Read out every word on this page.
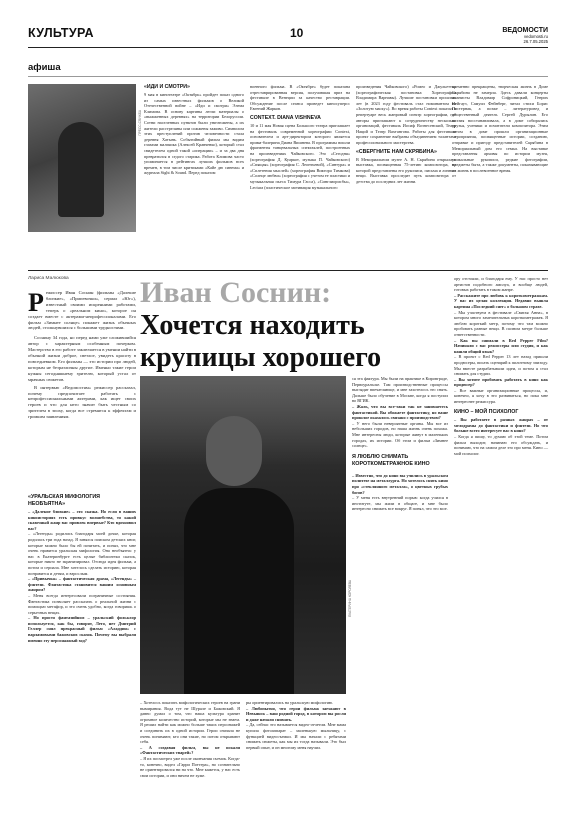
КУЛЬТУРА	10	ВЕДОМОСТИ
vedomosti.ru
26.7.05.2025
афиша
ПРЕСС-СЛУЖБА

«ИДИ И СМОТРИ»

9 мая в кинотеатре «Октябрь» пройдет показ одного из самых известных фильмов о Великой Отечественной войне – «Иди и смотри» Элема Климова. В основу картины легли материалы о «выжженных деревнях» на территории Белоруссии. Сотни населенных пунктов были уничтожены, а их жители расстреляны или сожжены заживо. Символом этих преступлений против человечности стала деревня Хатынь. Событийный фильм мы видим глазами мальчика (Алексей Кравченко), который стал свидетелем одной такой «операции» – и за два дня превратился в седого старика. Работа Климова часто упоминается в рейтингах лучших фильмов всех времен, в том числе критиками «Кайе дю синема» и журнала Sight & Sound. Перед показом

военного фильма. В «Октябре» будет показана отреставрированная версия, получившая приз на фестивале в Венеции за качество реставрации. Обсуждение после сеанса проведет киносуперсс Евгений Жарков.

CONTEXT. DIANA VISHNEVA

10 и 11 мая Новая сцена Большого театра приглашает на фестиваль современной хореографии Context, основателем и арт-директором которого является прима-балерина Диана Вишнева. В программы вошли фрагменты танцевальных спектаклей, построенных на произведениях Чайковского. Это «Сегодня» (хореография Д. Куаркот, музыка П. Чайковского) «Спящая» (хореография С. Леонтьевой), «Синтура» и «Сплетения мыслей» (хореография Виктора Тимкова) «Солнце любви» (хореография с учетом ее пластики и музыкальная пьеса Тимура Гасса), «Синглиорисбы», Lectura (пластическое мотивация музыкального

произведения Чайковского) «Ромео и Джульетта» (хореографическая постановка Хореографии Владимира Варнавы). Лучшие постановки прошлых лет (в 2023 году фестиваль стал номинантом на «Золотую маску»). Во время работы Context показал в репертуаре весь жанровый спектр хореографии, где авторы приглашают к сотрудничеству несколько организаций, фестиваль Иосиф Вознесенский, Театр Наций и Театр Вахтангова. Работы для фестиваля проект сохранение выбраны объединением таланта и профессионального мастерства.

«СВЕРГНИТЕ НАМ СКРЯБИНА»

В Мемориальном музее А. Н. Скрябина открылась выставка, посвященная 75-летию композитора, на которой представлены его рукописи, письма и личные вещи. Выставка проследит путь композитора от детства до последних лет жизни.

временно прекращены, творческая жизнь в Доме Скрябина не замерла. Здесь давали концерты пианисты Владимир Софроницкий, Генрих Нейгауз, Самуил Фейнберг, читал стихи Борис Пастернак, а позже – литературовед и общественный деятель Сергей Дурылин. Его поэзия восстанавливала, а в доме собирались друзья, ученики и почитатели композитора. Этим летом в доме прошли организационные мероприятия, посвященные истории, созданию, отправке и приезду представителей Скрябина в Мемориальный дом его семьи. На выставке представлены архивы по истории музея, уникальные рукописи, редкие фотографии, предметы быта, а также документы, показывающие их жизнь в послевоенное время.

Лариса Малюкова Иван Соснин:
Хочется находить
крупицы хорошего

Режиссер Иван Соснин (фильмы «Далекие близкие», «Припевочки», сериал «Юг»), известный своими искренними работами, теперь о «реальном кино», которое он создает вместе с актерами-непрофессионалами. Его фильм «Зимнее солнце» покажет жизнь обычных людей, столкнувшихся с большими трудностями.

Соснину 34 года, но перед нами уже сложившийся автор с характерным особенным почерком. Мастерство в его работе заключается в умении найти в обычной жизни доброе, светлое, увидеть красоту в повседневном. Его фильмы — это истории про людей, которым не безразличны другие. Именно такие герои нужны сегодняшнему зрителю, который устал от мрачных сюжетов.

В интервью «Ведомостям» режиссер рассказал, почему предпочитает работать с непрофессиональными актерами, как ищет своих героев и что для него значит быть честным со зрителем в эпоху, когда все стремятся к эффектам и громким заявлениям.

«УРАЛЬСКАЯ МИФОЛОГИЯ НЕОБЪЯТНА»

– «Далекие близкие» – это сказка. Но если в ваших киноисториях есть привкус волшебства, то какой сказочный жанр вас привлек впервые? Кто вдохновил вас?

– «Легенды» родились благодаря моей дочке, которая родилась три года назад. Я занялся поиском детских книг, которые можно было бы ей почитать, и понял, что мне очень нравится уральская мифология. Она необъятна: у нас в Екатеринбурге есть целые библиотеки сказок, которые никто не экранизировал. Отсюда идея фильма, а потом и сериала. Мне хотелось сделать историю, которая понравится и детям, и взрослым.

– «Привычка» – фантастическая драма, «Легенды» – фэнтези. Фантастика становится вашим основным жанром?

– Меня всегда интересовали пограничные состояния. Фантастика позволяет рассказать о реальной жизни с помощью метафор, и это очень удобно, когда говоришь о серьезных вещах.

– Но просто фантазийном – уральский фольклор используется, как бы, говорят, Лето, нет Дмитрий Геллер снял прекрасный фильм «Аладдин» с варламовыми бажовских сказок. Почему вы выбрали именно эту персонажный ход?

ЕКАТЕРИНА КОРОЛЕВА

– Хотелось показать мифологических героев на грани вымирания. Вода тут не Шурале и Бажовский. Я давно думал о том, что наша культура хранит огромное количество историй, которые мы не знаем. Я решил найти как можно больше таких персонажей и соединить их в одной истории. Герои сначала не очень понимают, кто они такие, но потом открывают себя.

– А создавая фильм, вы не искали «Фантастических тварей»?

– Я их посмотрел уже после окончания съемок. Когда-то, конечно, видел «Гарри Поттера», но сознательно не ориентировался ни на что. Мне кажется, у нас есть свои истории, и они ничем не хуже.

ры ориентировались на уральскую мифологию.

– Любопытно, что герои фильма заезжают в Невьянск – ваш родной город, в котором вы росли и даже начали снимать.

– Да, сейчас это называется видео-отчетом. Мне мама купила фотоаппарат – маленькую мыльницу, с функцией видеосъемки. И мы начали с ребятами снимать сюжеты, как мы их тогда называли. Это был первый опыт, и он многому меня научил.

ся эта фактура. Мы были на практике в Кировграде, Первоуральске. Там производственные процессы выглядят впечатляюще, и мне захотелось это снять. Дальше было обучение в Москве, когда я поступил во ВГИК.

– Жаль, что вы все-таки так не занимаетесь фантастикой. Вы обожаете фантастику, но ваше прошлое оказалось связано с производством?

– У него были невероятные органы. Мы все из небольших городов, но наша жизнь очень похожа. Мне интересны люди, которые живут в маленьких городах, их истории. Об этом и фильм «Зимнее солнце».

Я ЛЮБЛЮ СНИМАТЬ КОРОТКОМЕТРАЖНОЕ КИНО

– Известно, что до кино вы учились в уральском политехе на металлурга. Но хотелось снять кино про «стеклянного металла», о цветных грубых богов?

– У меня есть внутренний порыв: когда учился в институте, мы жили в общаге, и мне было интересно снимать все вокруг. Я понял, что это мое.

ору отстояли, и благодаря ему. У нас просто нет артистов подобного амплуа, и вообще людей, готовых работать в таком жанре.

– Расскажите про любовь к короткометражкам. У вас их целая коллекция. Недавно вышла картина «Последний снег» о большом страхе.

– Мы участвуем в фестивале «Святая Анна», в котором много замечательных короткометражек. Я люблю короткий метр, потому что там можно пробовать разные вещи. В полном метре больше ответственности.

– Как вы снимали в Red Pepper Film? Начинали с вас режиссеры или студия, и как нашли общий язык?

– В проект с Red Pepper 13 лет назад пришли продюсеры, писать сценарий к пилотному эпизоду. Мы вместе разрабатывали идеи, и потом я стал снимать для студии.

– Вы хотите пробовать работать в кино как продюсер?

– Все важные организационные процессы, и, конечно, я хочу в это развиваться, но пока мне интереснее режиссура.

КИНО – МОЙ ПСИХОЛОГ

– Вы работаете в разных жанрах – от мелодрамы до фантастики и фэнтези. Но что больше всего интересует вас в кино?

– Когда я пишу, то думаю об этой теме. Потом фильм выходит, начинаю его обсуждать, и понимаю, что на самом деле это про меня. Кино — мой психолог.
